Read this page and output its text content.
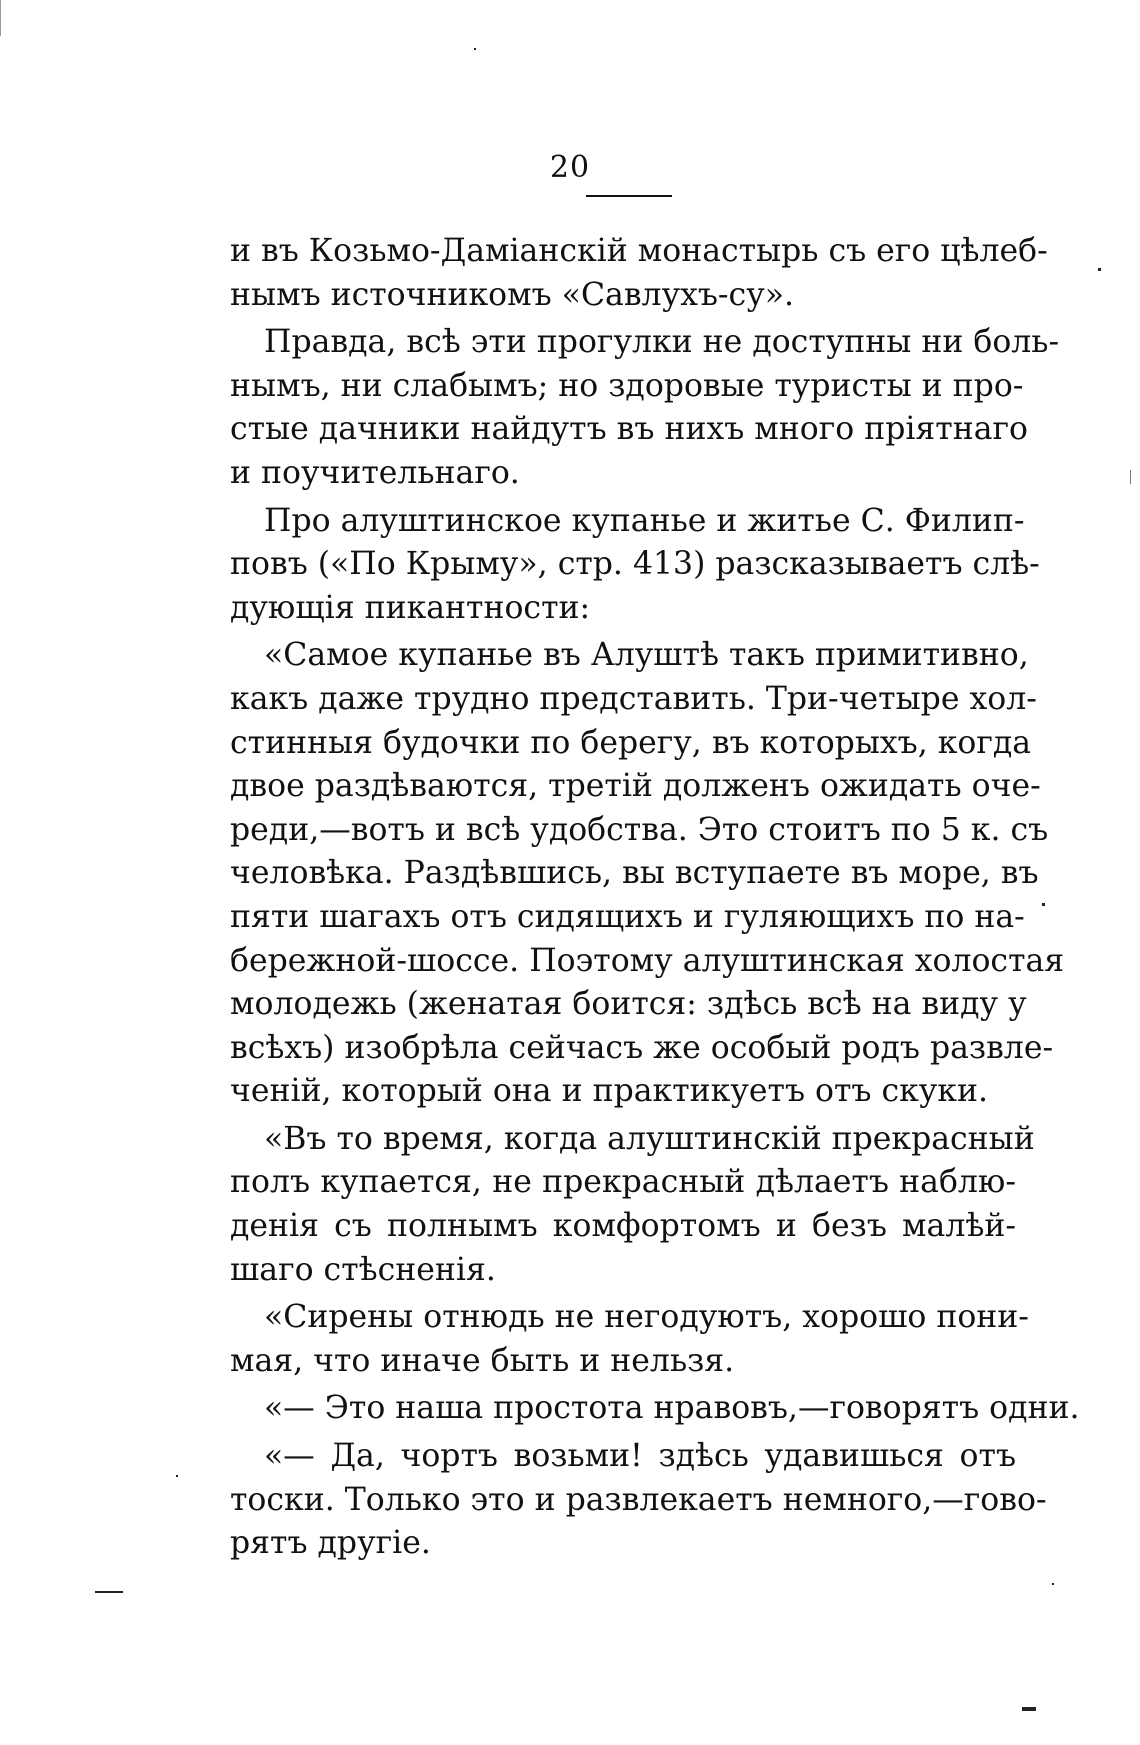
20
и въ Козьмо-Даміанскій монастырь съ его цѣлеб-
нымъ источникомъ «Савлухъ-су».
Правда, всѣ эти прогулки не доступны ни боль-
нымъ, ни слабымъ; но здоровые туристы и про-
стые дачники найдутъ въ нихъ много пріятнаго
и поучительнаго.
Про алуштинское купанье и житье С. Филип-
повъ («По Крыму», стр. 413) разсказываетъ слѣ-
дующія пикантности:
«Самое купанье въ Алуштѣ такъ примитивно,
какъ даже трудно представить. Три-четыре хол-
стинныя будочки по берегу, въ которыхъ, когда
двое раздѣваются, третій долженъ ожидать оче-
реди,—вотъ и всѣ удобства. Это стоитъ по 5 к. съ
человѣка. Раздѣвшись, вы вступаете въ море, въ
пяти шагахъ отъ сидящихъ и гуляющихъ по на-
бережной-шоссе. Поэтому алуштинская холостая
молодежь (женатая боится: здѣсь всѣ на виду у
всѣхъ) изобрѣла сейчасъ же особый родъ развле-
ченій, который она и практикуетъ отъ скуки.
«Въ то время, когда алуштинскій прекрасный
полъ купается, не прекрасный дѣлаетъ наблю-
денія съ полнымъ комфортомъ и безъ малѣй-
шаго стѣсненія.
«Сирены отнюдь не негодуютъ, хорошо пони-
мая, что иначе быть и нельзя.
«— Это наша простота нравовъ,—говорятъ одни.
«— Да, чортъ возьми! здѣсь удавишься отъ
тоски. Только это и развлекаетъ немного,—гово-
рятъ другіе.
